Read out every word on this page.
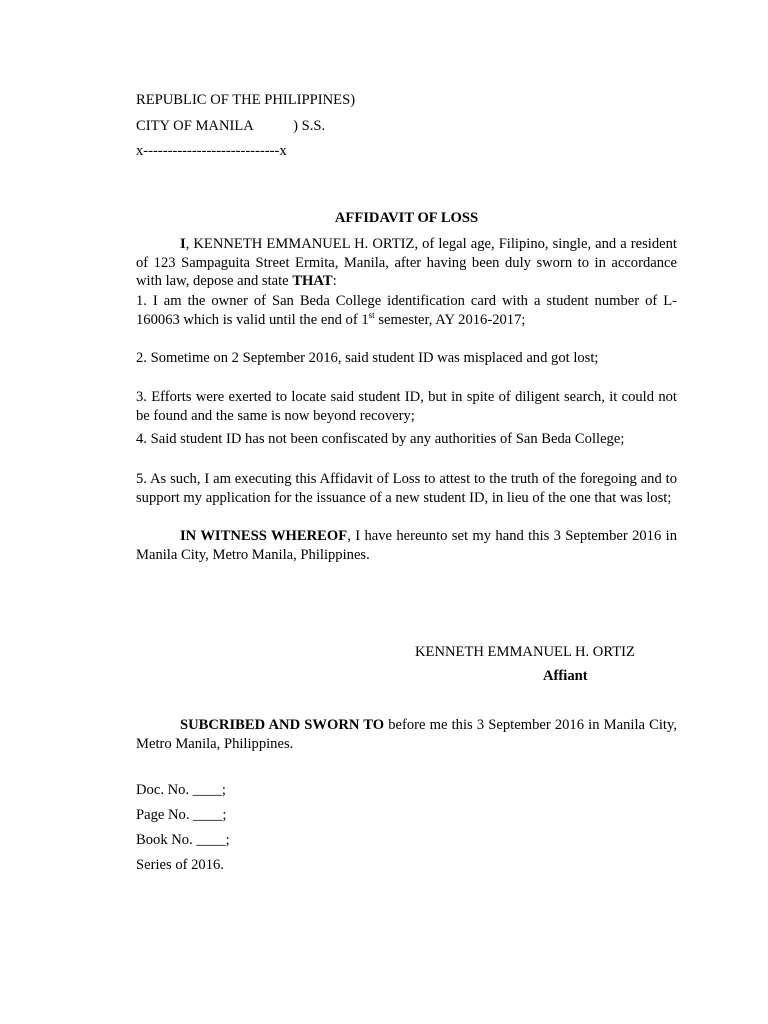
REPUBLIC OF THE PHILIPPINES)
CITY OF MANILA           ) S.S.
x----------------------------x
AFFIDAVIT OF LOSS
I, KENNETH EMMANUEL H. ORTIZ, of legal age, Filipino, single, and a resident of 123 Sampaguita Street Ermita, Manila, after having been duly sworn to in accordance with law, depose and state THAT:
1. I am the owner of San Beda College identification card with a student number of L-160063 which is valid until the end of 1st semester, AY 2016-2017;
2. Sometime on 2 September 2016, said student ID was misplaced and got lost;
3. Efforts were exerted to locate said student ID, but in spite of diligent search, it could not be found and the same is now beyond recovery;
4. Said student ID has not been confiscated by any authorities of San Beda College;
5. As such, I am executing this Affidavit of Loss to attest to the truth of the foregoing and to support my application for the issuance of a new student ID, in lieu of the one that was lost;
IN WITNESS WHEREOF, I have hereunto set my hand this 3 September 2016 in Manila City, Metro Manila, Philippines.
KENNETH EMMANUEL H. ORTIZ
Affiant
SUBCRIBED AND SWORN TO before me this 3 September 2016 in Manila City, Metro Manila, Philippines.
Doc. No. ____;
Page No. ____;
Book No. ____;
Series of 2016.
